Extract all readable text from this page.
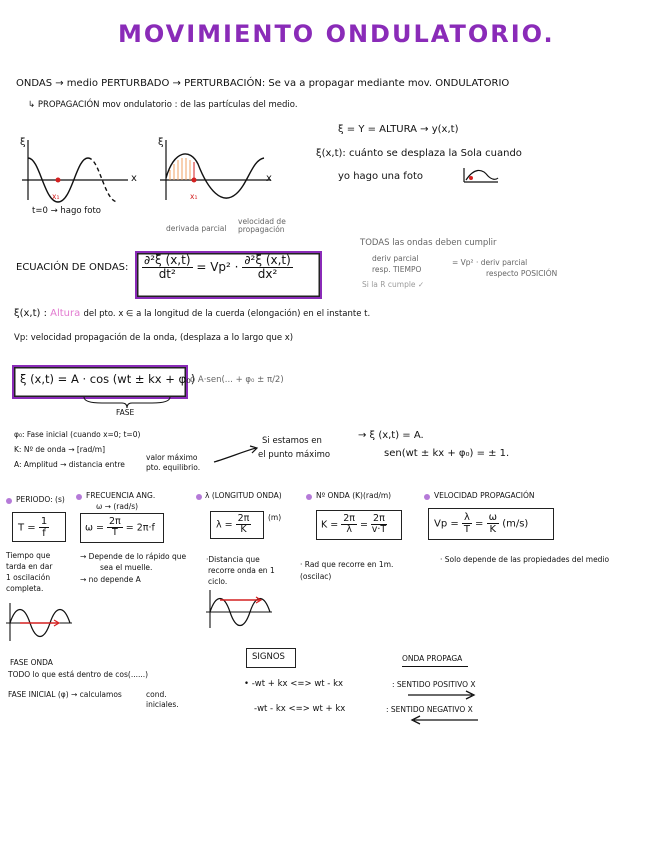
MOVIMIENTO ONDULATORIO.
ONDAS → medio PERTURBADO → PERTURBACIÓN: Se va a propagar mediante mov. ONDULATORIO
↳ PROPAGACIÓN mov ondulatorio : de las partículas del medio.
ξ
x
x₁
t=0 → hago foto
ξ
x
x₁
ξ = Y = ALTURA → y(x,t)
ξ(x,t): cuánto se desplaza la Sola cuando
yo hago una foto
derivada parcial
velocidad de propagación
ECUACIÓN DE ONDAS: $\frac{\text{∂²ξ (x,t)}}{\text{dt²}} = Vp^2 \cdot \frac{\text{∂²ξ (x,t)}}{\text{dx²}}$
TODAS las ondas deben cumplir
deriv parcial
resp. TIEMPO
= Vp² · deriv parcial
respecto POSICIÓN
Si la R cumple ✓
ξ(x,t) : Altura del pto. x ∈ a la longitud de la cuerda (elongación) en el instante t.
Vp: velocidad propagación de la onda, (desplaza a lo largo que x)
ξ (x,t) = A · cos (wt ± kx + φ₀)
ó A·sen(... + φ₀ ± π/2)
FASE
φ₀: Fase inicial (cuando x=0; t=0)
K: Nº de onda → [rad/m]
A: Amplitud → distancia entre
valor máximo
pto. equilibrio.
Si estamos en
el punto máximo
→ ξ (x,t) = A.
sen(wt ± kx + φ₀) = ± 1.
PERIODO: (s)
$T = \frac{1}{f}$
Tiempo que
tarda en dar
1 oscilación
completa.
FRECUENCIA ANG.
ω → (rad/s)
$\omega = \frac{2\pi}{T} = 2\pi\cdot f$
→ Depende de lo rápido que
sea el muelle.
→ no depende A
λ (LONGITUD ONDA)
$\lambda = \frac{2\pi}{K} (m)$
·Distancia que
recorre onda en 1
ciclo.
Nº ONDA (K)(rad/m)
$K = \frac{2\pi}{\lambda} = \frac{2\pi}{v\cdot T}$
· Rad que recorre en 1m.
(oscilac)
VELOCIDAD PROPAGACIÓN
$Vp = \frac{\lambda}{T} = \frac{\omega}{K} (m/s)$
· Solo depende de las propiedades del medio
FASE ONDA
TODO lo que está dentro de cos(......)
FASE INICIAL (φ) → calculamos	cond.
iniciales.
SIGNOS	ONDA PROPAGA
• -wt + kx <=> wt - kx	: SENTIDO POSITIVO X
-wt - kx <=> wt + kx	: SENTIDO NEGATIVO X
